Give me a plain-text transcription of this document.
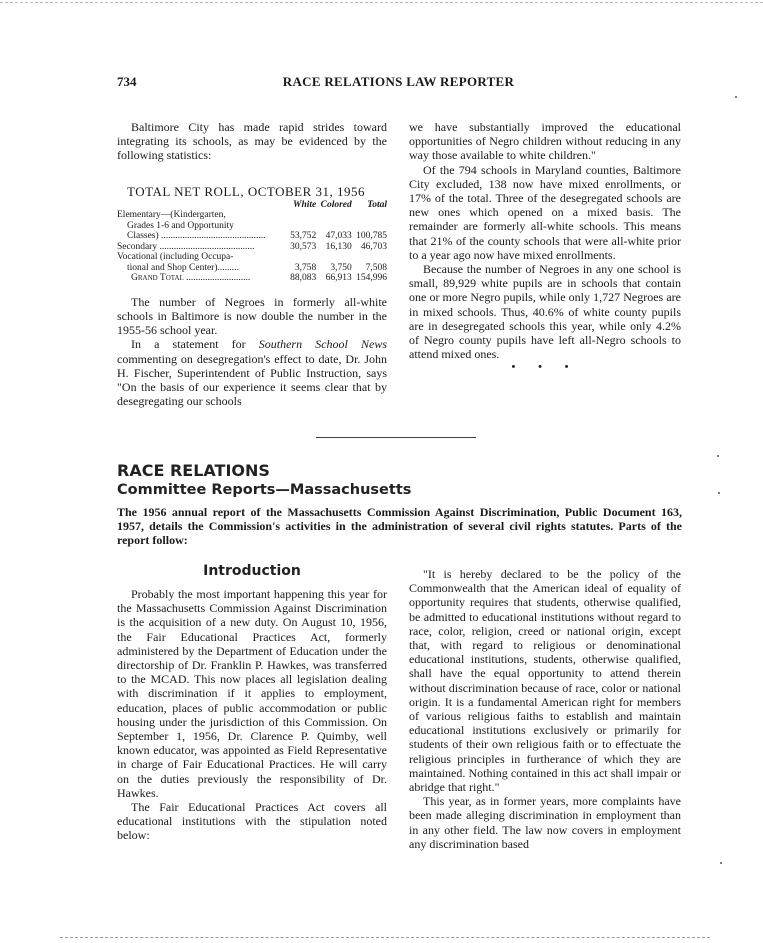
734	RACE RELATIONS LAW REPORTER

Baltimore City has made rapid strides toward integrating its schools, as may be evidenced by the following statistics:

TOTAL NET ROLL, OCTOBER 31, 1956
	White	Colored	Total
Elementary—(Kindergarten,			
Grades 1-6 and Opportunity			
Classes) ............................................	53,752	47,033	100,785
Secondary ........................................	30,573	16,130	46,703
Vocational (including Occupa-			
tional and Shop Center).........	3,758	3,750	7,508
Grand Total ...........................	88,083	66,913	154,996

The number of Negroes in formerly all-white schools in Baltimore is now double the number in the 1955-56 school year.

In a statement for Southern School News commenting on desegregation's effect to date, Dr. John H. Fischer, Superintendent of Public Instruction, says "On the basis of our experience it seems clear that by desegregating our schools

we have substantially improved the educational opportunities of Negro children without reducing in any way those available to white children."

Of the 794 schools in Maryland counties, Baltimore City excluded, 138 now have mixed enrollments, or 17% of the total. Three of the desegregated schools are new ones which opened on a mixed basis. The remainder are formerly all-white schools. This means that 21% of the county schools that were all-white prior to a year ago now have mixed enrollments.

Because the number of Negroes in any one school is small, 89,929 white pupils are in schools that contain one or more Negro pupils, while only 1,727 Negroes are in mixed schools. Thus, 40.6% of white county pupils are in desegregated schools this year, while only 4.2% of Negro county pupils have left all-Negro schools to attend mixed ones.

• • •
RACE RELATIONS
Committee Reports—Massachusetts
The 1956 annual report of the Massachusetts Commission Against Discrimination, Public Document 163, 1957, details the Commission's activities in the administration of several civil rights statutes. Parts of the report follow:
Introduction

Probably the most important happening this year for the Massachusetts Commission Against Discrimination is the acquisition of a new duty. On August 10, 1956, the Fair Educational Practices Act, formerly administered by the Department of Education under the directorship of Dr. Franklin P. Hawkes, was transferred to the MCAD. This now places all legislation dealing with discrimination if it applies to employment, education, places of public accommodation or public housing under the jurisdiction of this Commission. On September 1, 1956, Dr. Clarence P. Quimby, well known educator, was appointed as Field Representative in charge of Fair Educational Practices. He will carry on the duties previously the responsibility of Dr. Hawkes.

The Fair Educational Practices Act covers all educational institutions with the stipulation noted below:

"It is hereby declared to be the policy of the Commonwealth that the American ideal of equality of opportunity requires that students, otherwise qualified, be admitted to educational institutions without regard to race, color, religion, creed or national origin, except that, with regard to religious or denominational educational institutions, students, otherwise qualified, shall have the equal opportunity to attend therein without discrimination because of race, color or national origin. It is a fundamental American right for members of various religious faiths to establish and maintain educational institutions exclusively or primarily for students of their own religious faith or to effectuate the religious principles in furtherance of which they are maintained. Nothing contained in this act shall impair or abridge that right."

This year, as in former years, more complaints have been made alleging discrimination in employment than in any other field. The law now covers in employment any discrimination based
